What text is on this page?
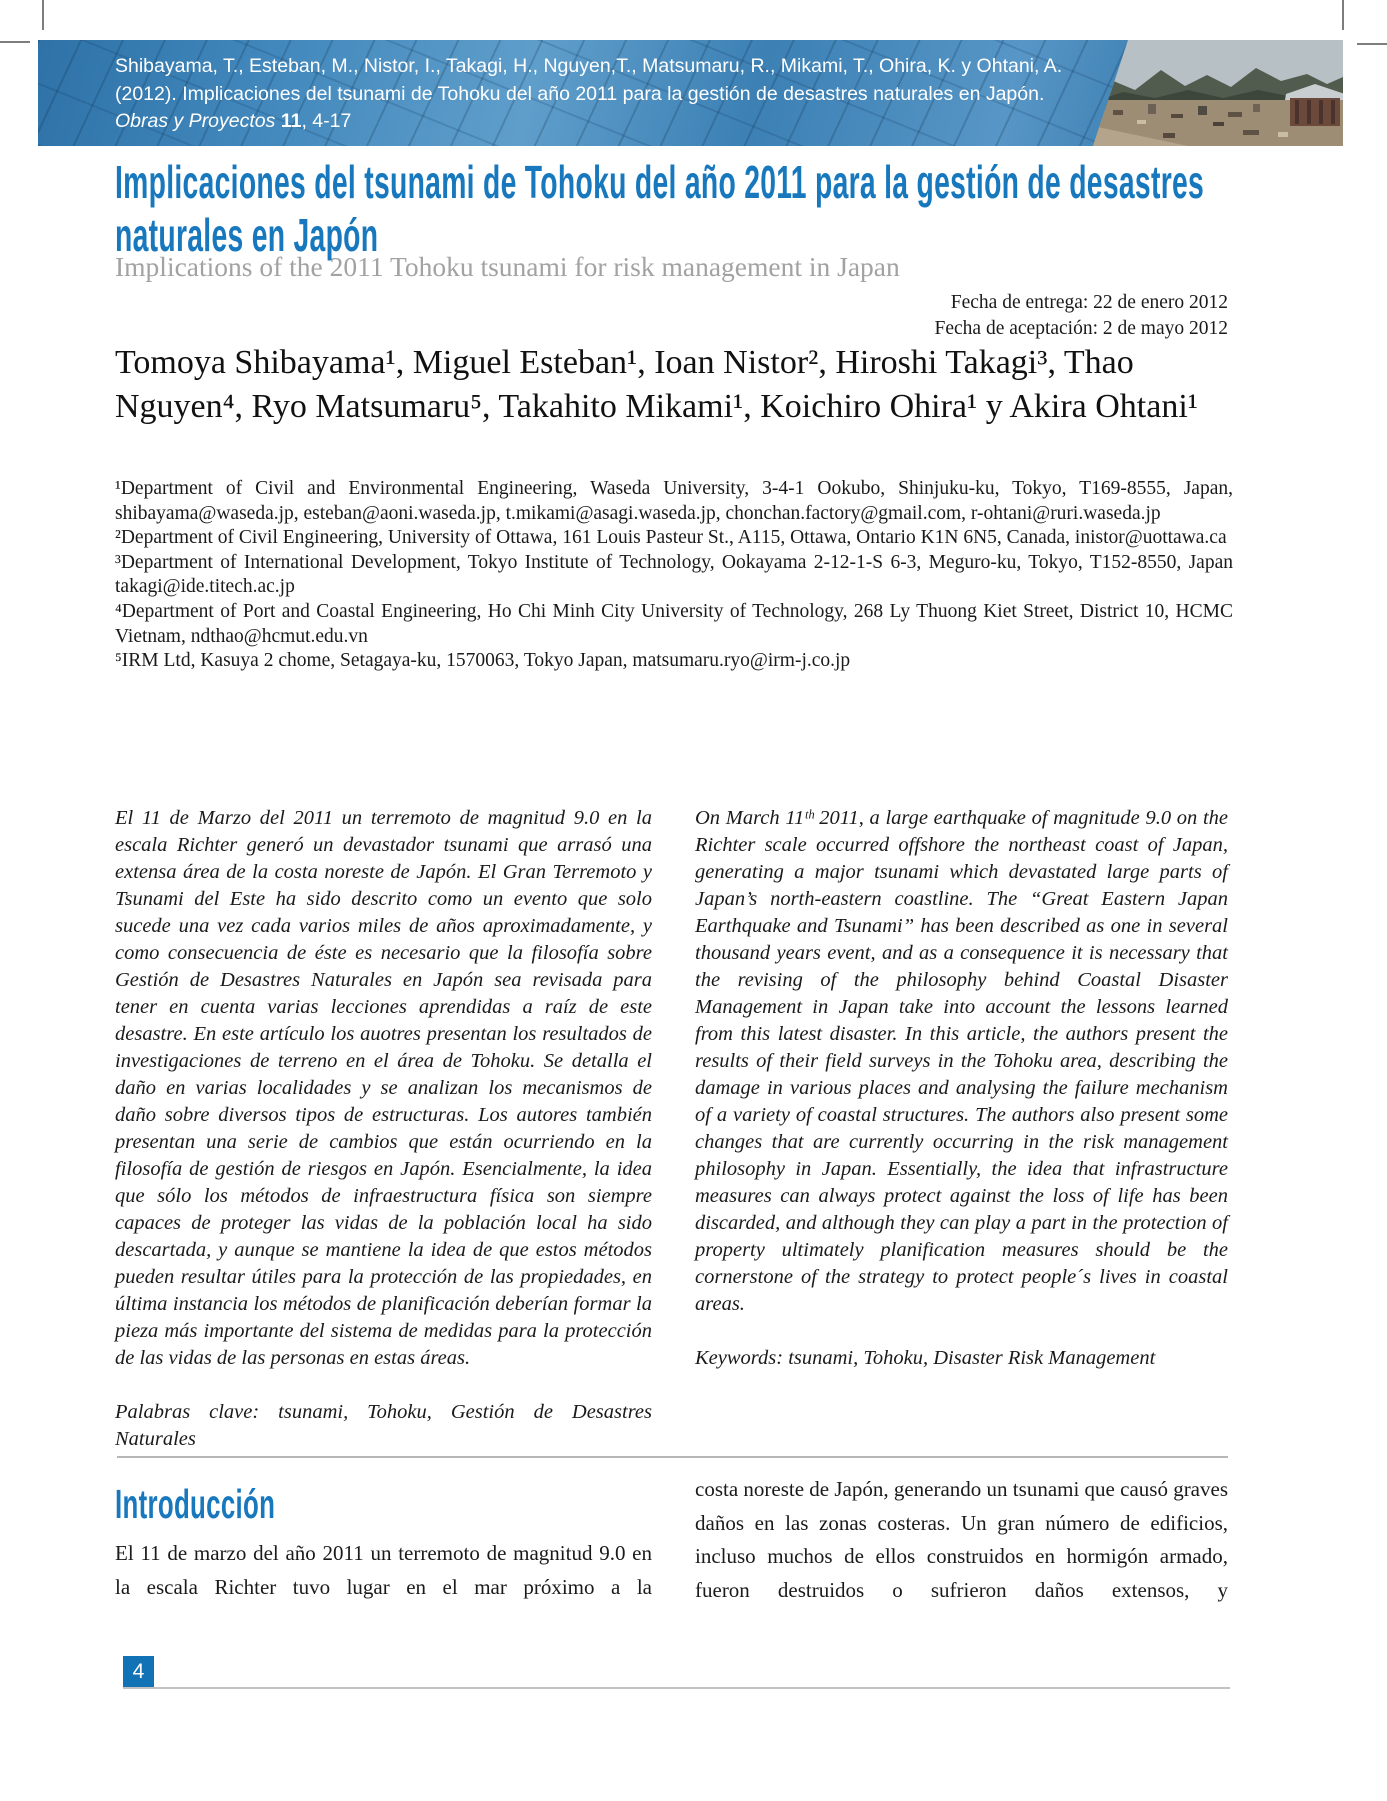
Shibayama, T., Esteban, M., Nistor, I., Takagi, H., Nguyen,T., Matsumaru, R., Mikami, T., Ohira, K. y Ohtani, A. (2012). Implicaciones del tsunami de Tohoku del año 2011 para la gestión de desastres naturales en Japón. Obras y Proyectos 11, 4-17

Implicaciones del tsunami de Tohoku del año 2011 para la gestión de desastres naturales en Japón
Implications of the 2011 Tohoku tsunami for risk management in Japan

Fecha de entrega: 22 de enero 2012

Fecha de aceptación: 2 de mayo 2012

Tomoya Shibayama¹, Miguel Esteban¹, Ioan Nistor², Hiroshi Takagi³, Thao Nguyen⁴, Ryo Matsumaru⁵, Takahito Mikami¹, Koichiro Ohira¹ y Akira Ohtani¹

¹Department of Civil and Environmental Engineering, Waseda University, 3-4-1 Ookubo, Shinjuku-ku, Tokyo, T169-8555, Japan, shibayama@waseda.jp, esteban@aoni.waseda.jp, t.mikami@asagi.waseda.jp, chonchan.factory@gmail.com, r-ohtani@ruri.waseda.jp

²Department of Civil Engineering, University of Ottawa, 161 Louis Pasteur St., A115, Ottawa, Ontario K1N 6N5, Canada, inistor@uottawa.ca

³Department of International Development, Tokyo Institute of Technology, Ookayama 2-12-1-S 6-3, Meguro-ku, Tokyo, T152-8550, Japan takagi@ide.titech.ac.jp

⁴Department of Port and Coastal Engineering, Ho Chi Minh City University of Technology, 268 Ly Thuong Kiet Street, District 10, HCMC Vietnam, ndthao@hcmut.edu.vn

⁵IRM Ltd, Kasuya 2 chome, Setagaya-ku, 1570063, Tokyo Japan, matsumaru.ryo@irm-j.co.jp

El 11 de Marzo del 2011 un terremoto de magnitud 9.0 en la escala Richter generó un devastador tsunami que arrasó una extensa área de la costa noreste de Japón. El Gran Terremoto y Tsunami del Este ha sido descrito como un evento que solo sucede una vez cada varios miles de años aproximadamente, y como consecuencia de éste es necesario que la filosofía sobre Gestión de Desastres Naturales en Japón sea revisada para tener en cuenta varias lecciones aprendidas a raíz de este desastre. En este artículo los auotres presentan los resultados de investigaciones de terreno en el área de Tohoku. Se detalla el daño en varias localidades y se analizan los mecanismos de daño sobre diversos tipos de estructuras. Los autores también presentan una serie de cambios que están ocurriendo en la filosofía de gestión de riesgos en Japón. Esencialmente, la idea que sólo los métodos de infraestructura física son siempre capaces de proteger las vidas de la población local ha sido descartada, y aunque se mantiene la idea de que estos métodos pueden resultar útiles para la protección de las propiedades, en última instancia los métodos de planificación deberían formar la pieza más importante del sistema de medidas para la protección de las vidas de las personas en estas áreas.

Palabras clave: tsunami, Tohoku, Gestión de Desastres Naturales

On March 11ᵗʰ 2011, a large earthquake of magnitude 9.0 on the Richter scale occurred offshore the northeast coast of Japan, generating a major tsunami which devastated large parts of Japan’s north-eastern coastline. The “Great Eastern Japan Earthquake and Tsunami” has been described as one in several thousand years event, and as a consequence it is necessary that the revising of the philosophy behind Coastal Disaster Management in Japan take into account the lessons learned from this latest disaster. In this article, the authors present the results of their field surveys in the Tohoku area, describing the damage in various places and analysing the failure mechanism of a variety of coastal structures. The authors also present some changes that are currently occurring in the risk management philosophy in Japan. Essentially, the idea that infrastructure measures can always protect against the loss of life has been discarded, and although they can play a part in the protection of property ultimately planification measures should be the cornerstone of the strategy to protect people´s lives in coastal areas.

Keywords: tsunami, Tohoku, Disaster Risk Management

Introducción

El 11 de marzo del año 2011 un terremoto de magnitud 9.0 en la escala Richter tuvo lugar en el mar próximo a la

costa noreste de Japón, generando un tsunami que causó graves daños en las zonas costeras. Un gran número de edificios, incluso muchos de ellos construidos en hormigón armado, fueron destruidos o sufrieron daños extensos, y

4
